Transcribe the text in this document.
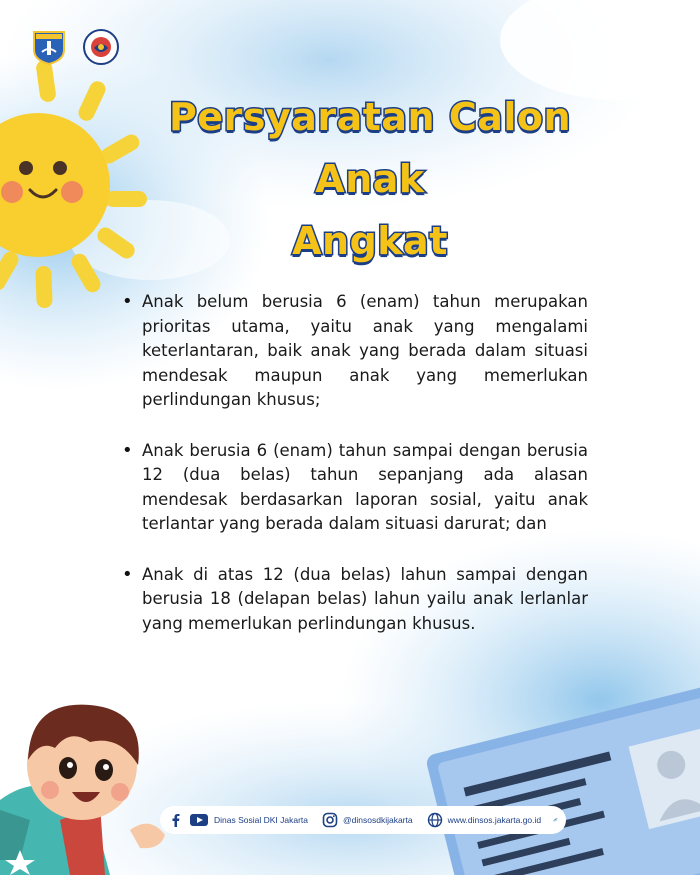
Persyaratan Calon Anak
Angkat
• Anak belum berusia 6 (enam) tahun merupakan prioritas utama, yaitu anak yang mengalami keterlantaran, baik anak yang berada dalam situasi mendesak maupun anak yang memerlukan perlindungan khusus;
• Anak berusia 6 (enam) tahun sampai dengan berusia 12 (dua belas) tahun sepanjang ada alasan mendesak berdasarkan laporan sosial, yaitu anak terlantar yang berada dalam situasi darurat; dan
• Anak di atas 12 (dua belas) lahun sampai dengan berusia 18 (delapan belas) lahun yailu anak lerlanlar yang memerlukan perlindungan khusus.
Dinas Sosial DKI Jakarta	@dinsosdkijakarta	www.dinsos.jakarta.go.id
